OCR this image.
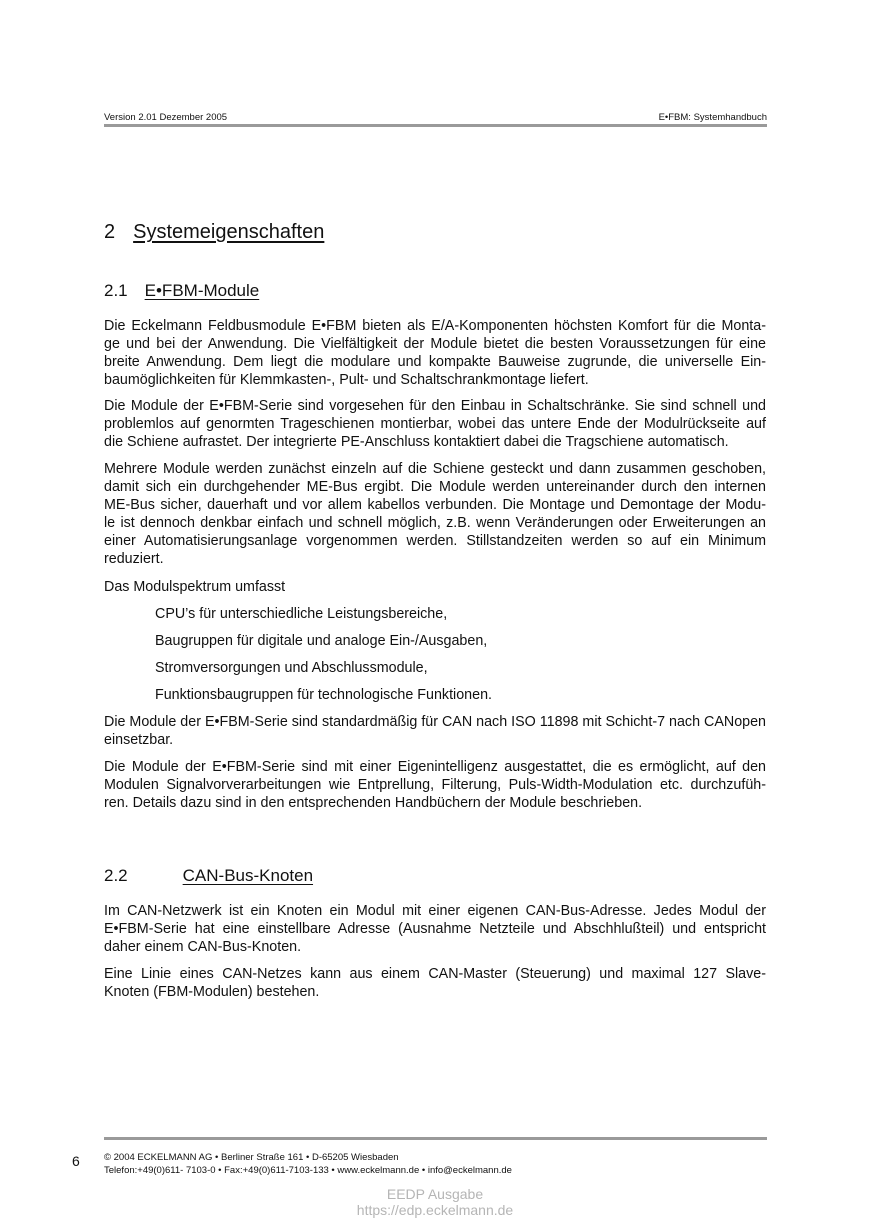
Version 2.01 Dezember 2005	E•FBM: Systemhandbuch
2 Systemeigenschaften
2.1 E•FBM-Module
Die Eckelmann Feldbusmodule E•FBM bieten als E/A-Komponenten höchsten Komfort für die Monta-
ge und bei der Anwendung. Die Vielfältigkeit der Module bietet die besten Voraussetzungen für eine
breite Anwendung. Dem liegt die modulare und kompakte Bauweise zugrunde, die universelle Ein-
baumöglichkeiten für Klemmkasten-, Pult- und Schaltschrankmontage liefert.
Die Module der E•FBM-Serie sind vorgesehen für den Einbau in Schaltschränke. Sie sind schnell und
problemlos auf genormten Trageschienen montierbar, wobei das untere Ende der Modulrückseite auf
die Schiene aufrastet. Der integrierte PE-Anschluss kontaktiert dabei die Tragschiene automatisch.
Mehrere Module werden zunächst einzeln auf die Schiene gesteckt und dann zusammen geschoben,
damit sich ein durchgehender ME-Bus ergibt. Die Module werden untereinander durch den internen
ME-Bus sicher, dauerhaft und vor allem kabellos verbunden. Die Montage und Demontage der Modu-
le ist dennoch denkbar einfach und schnell möglich, z.B. wenn Veränderungen oder Erweiterungen an
einer Automatisierungsanlage vorgenommen werden. Stillstandzeiten werden so auf ein Minimum
reduziert.
Das Modulspektrum umfasst
CPU’s für unterschiedliche Leistungsbereiche,
Baugruppen für digitale und analoge Ein-/Ausgaben,
Stromversorgungen und Abschlussmodule,
Funktionsbaugruppen für technologische Funktionen.
Die Module der E•FBM-Serie sind standardmäßig für CAN nach ISO 11898 mit Schicht-7 nach CANopen
einsetzbar.
Die Module der E•FBM-Serie sind mit einer Eigenintelligenz ausgestattet, die es ermöglicht, auf den
Modulen Signalvorverarbeitungen wie Entprellung, Filterung, Puls-Width-Modulation etc. durchzufüh-
ren. Details dazu sind in den entsprechenden Handbüchern der Module beschrieben.
2.2	CAN-Bus-Knoten
Im CAN-Netzwerk ist ein Knoten ein Modul mit einer eigenen CAN-Bus-Adresse. Jedes Modul der
E•FBM-Serie hat eine einstellbare Adresse (Ausnahme Netzteile und Abschhlußteil) und entspricht
daher einem CAN-Bus-Knoten.
Eine Linie eines CAN-Netzes kann aus einem CAN-Master (Steuerung) und maximal 127 Slave-
Knoten (FBM-Modulen) bestehen.
6	© 2004 ECKELMANN AG • Berliner Straße 161 • D-65205 Wiesbaden
Telefon:+49(0)611- 7103-0 • Fax:+49(0)611-7103-133 • www.eckelmann.de • info@eckelmann.de
EEDP Ausgabe
https://edp.eckelmann.de
